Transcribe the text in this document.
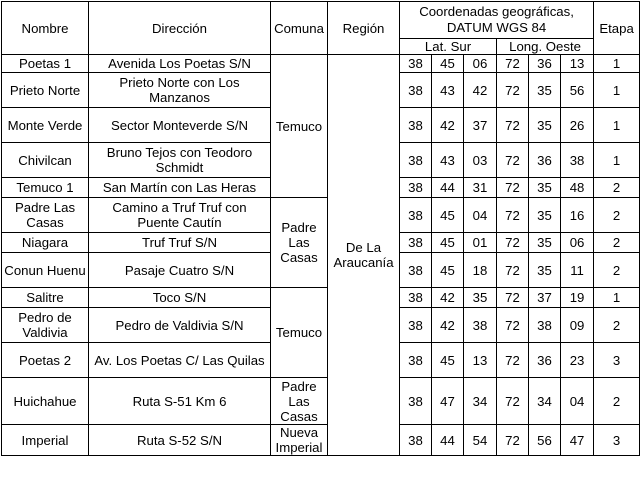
Nombre	Dirección	Comuna	Región	Coordenadas geográficas, DATUM WGS 84						Etapa
				Lat. Sur			Long. Oeste			
Poetas 1	Avenida Los Poetas S/N	Temuco	De La Araucanía	38	45	06	72	36	13	1
Prieto Norte	Prieto Norte con Los Manzanos			38	43	42	72	35	56	1
Monte Verde	Sector Monteverde S/N			38	42	37	72	35	26	1
Chivilcan	Bruno Tejos con Teodoro Schmidt			38	43	03	72	36	38	1
Temuco 1	San Martín con Las Heras			38	44	31	72	35	48	2
Padre Las Casas	Camino a Truf Truf con Puente Cautín	Padre Las Casas		38	45	04	72	35	16	2
Niagara	Truf Truf S/N			38	45	01	72	35	06	2
Conun Huenu	Pasaje Cuatro S/N			38	45	18	72	35	11	2
Salitre	Toco S/N	Temuco		38	42	35	72	37	19	1
Pedro de Valdivia	Pedro de Valdivia S/N			38	42	38	72	38	09	2
Poetas 2	Av. Los Poetas C/ Las Quilas			38	45	13	72	36	23	3
Huichahue	Ruta S-51 Km 6	Padre Las Casas		38	47	34	72	34	04	2
Imperial	Ruta S-52 S/N	Nueva Imperial		38	44	54	72	56	47	3
